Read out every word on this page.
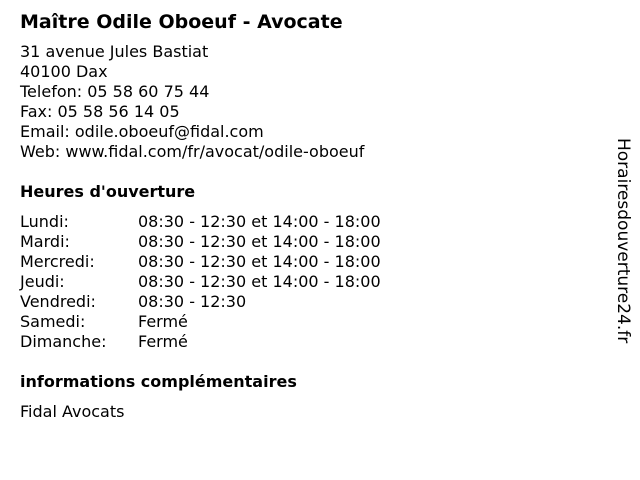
Maître Odile Oboeuf - Avocate
31 avenue Jules Bastiat
40100 Dax
Telefon: 05 58 60 75 44
Fax: 05 58 56 14 05
Email: odile.oboeuf@fidal.com
Web: www.fidal.com/fr/avocat/odile-oboeuf
Heures d'ouverture
Lundi:	08:30 - 12:30 et 14:00 - 18:00
Mardi:	08:30 - 12:30 et 14:00 - 18:00
Mercredi:	08:30 - 12:30 et 14:00 - 18:00
Jeudi:	08:30 - 12:30 et 14:00 - 18:00
Vendredi:	08:30 - 12:30
Samedi:	Fermé
Dimanche:	Fermé
informations complémentaires
Fidal Avocats
Horairesdouverture24.fr
